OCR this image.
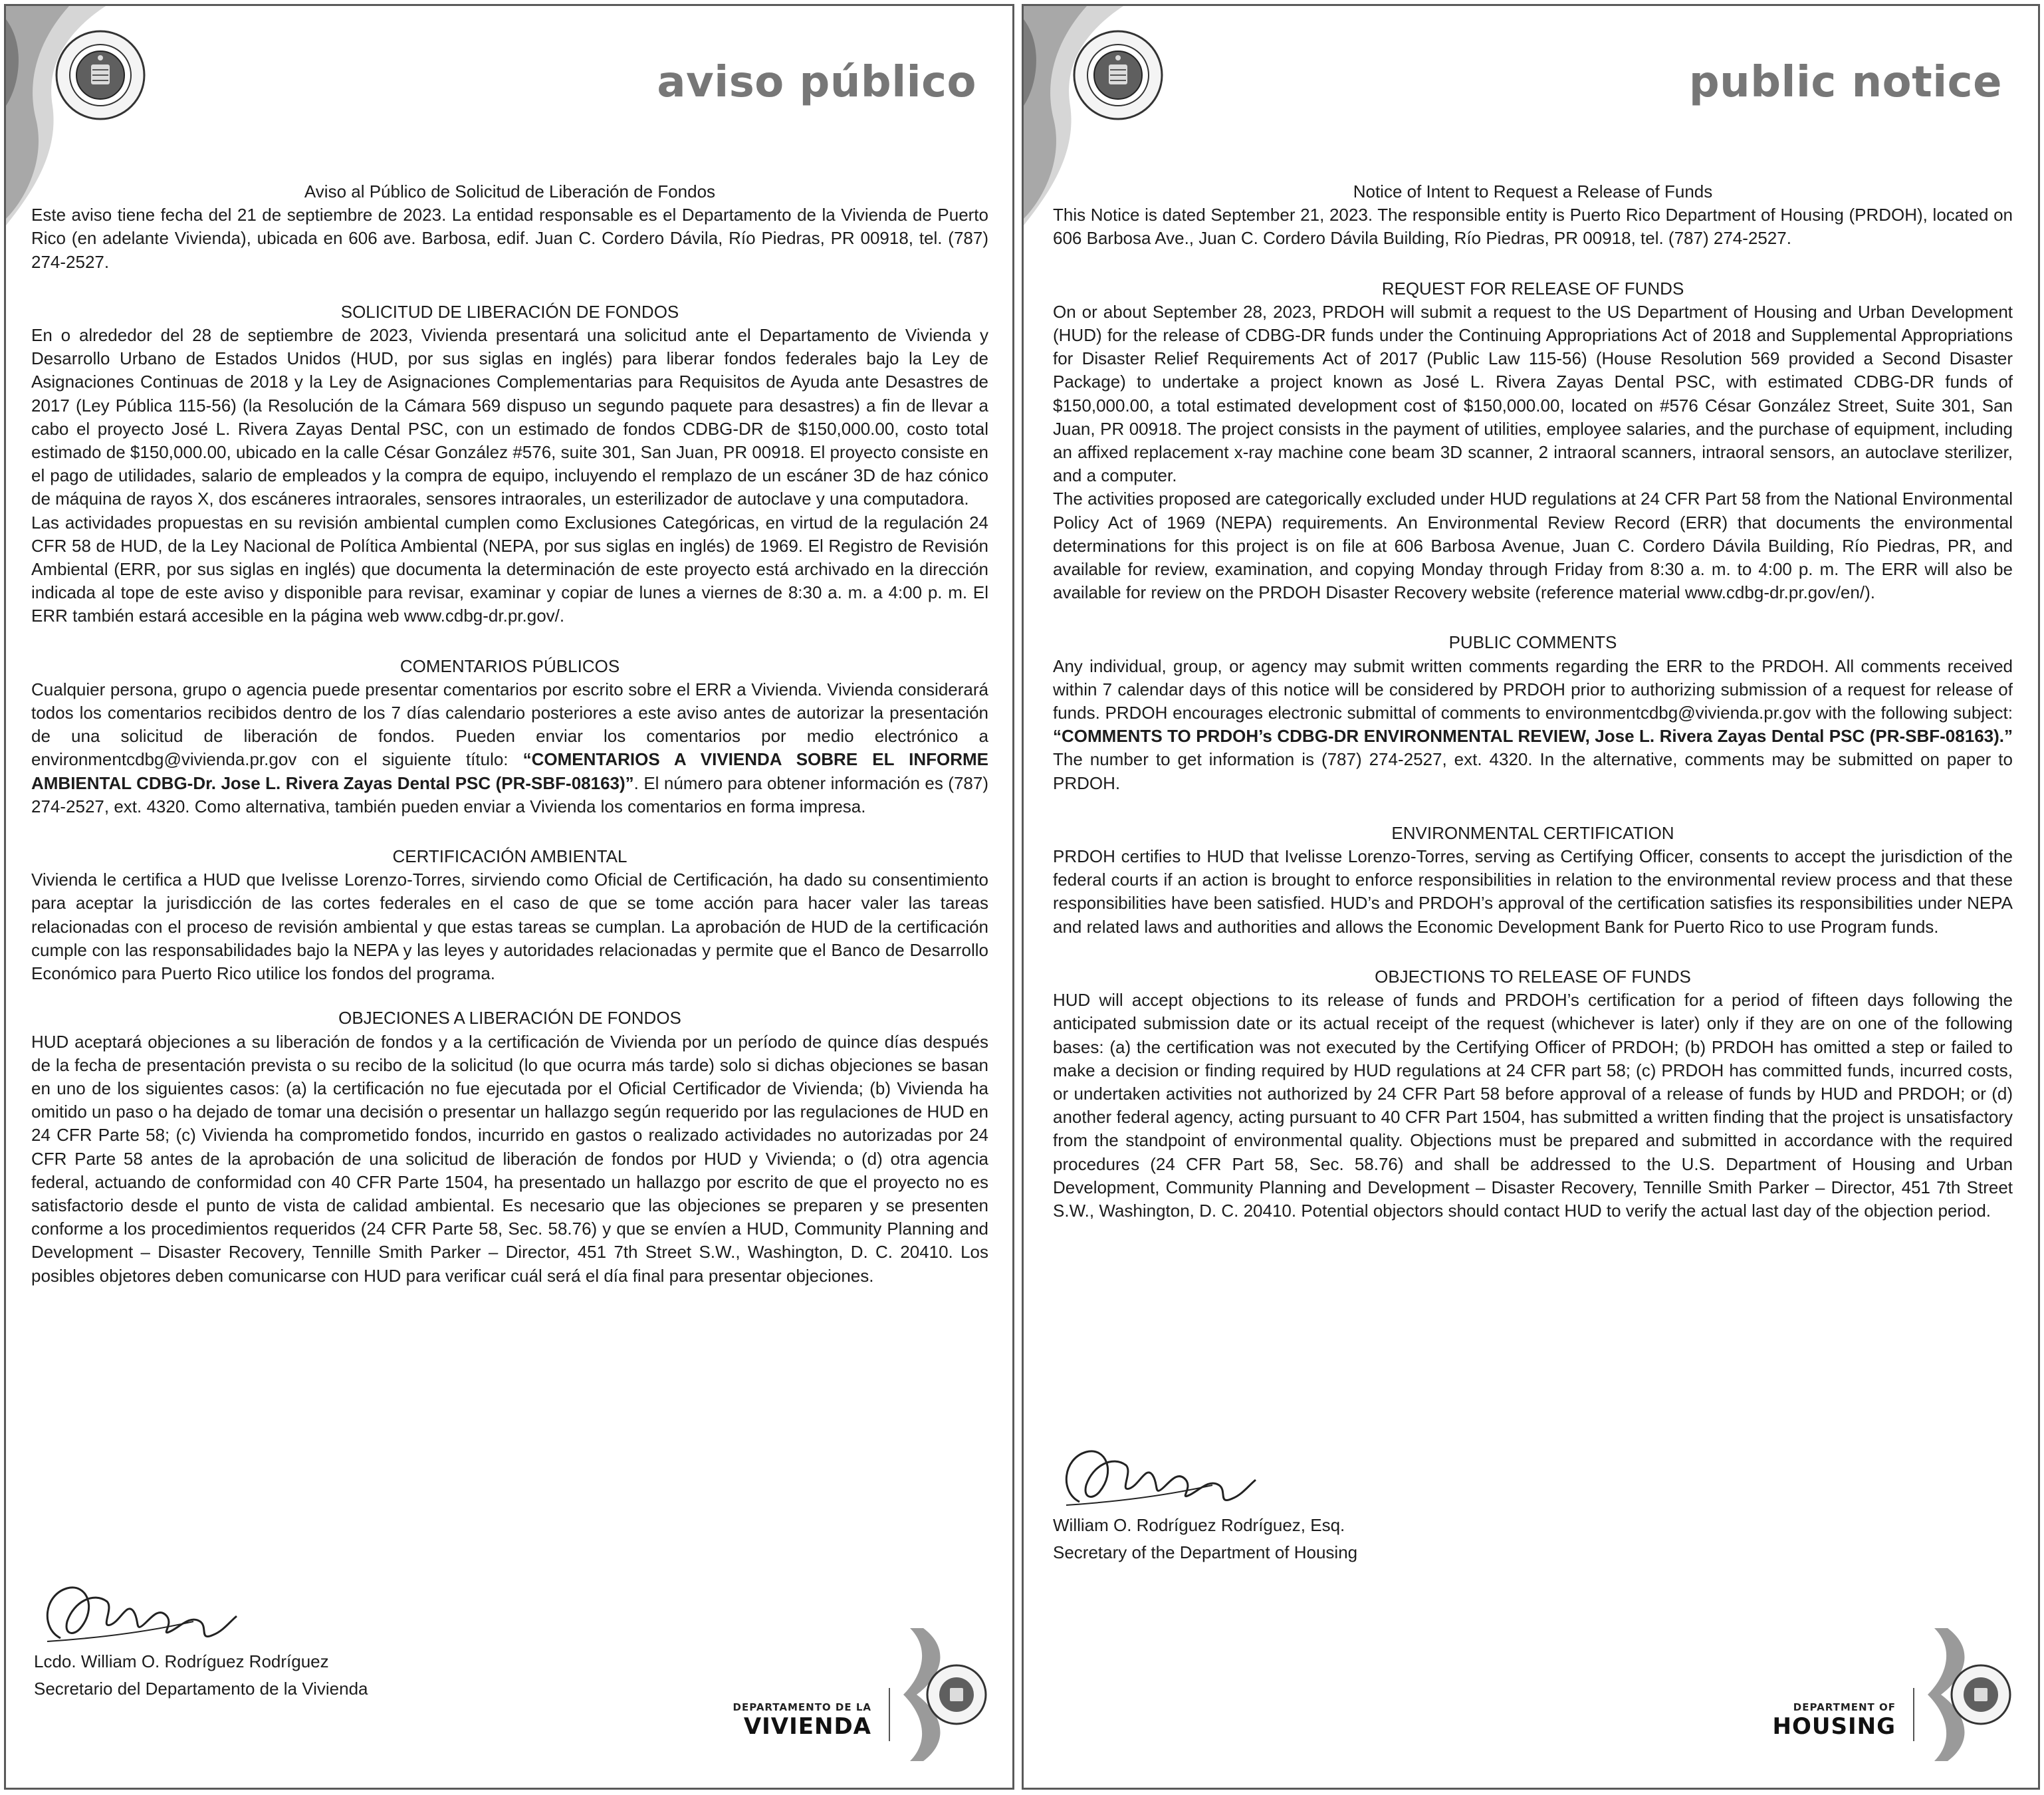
aviso público
Aviso al Público de Solicitud de Liberación de Fondos

Este aviso tiene fecha del 21 de septiembre de 2023. La entidad responsable es el Departamento de la Vivienda de Puerto Rico (en adelante Vivienda), ubicada en 606 ave. Barbosa, edif. Juan C. Cordero Dávila, Río Piedras, PR 00918, tel. (787) 274-2527.

SOLICITUD DE LIBERACIÓN DE FONDOS

En o alrededor del 28 de septiembre de 2023, Vivienda presentará una solicitud ante el Departamento de Vivienda y Desarrollo Urbano de Estados Unidos (HUD, por sus siglas en inglés) para liberar fondos federales bajo la Ley de Asignaciones Continuas de 2018 y la Ley de Asignaciones Complementarias para Requisitos de Ayuda ante Desastres de 2017 (Ley Pública 115-56) (la Resolución de la Cámara 569 dispuso un segundo paquete para desastres) a fin de llevar a cabo el proyecto José L. Rivera Zayas Dental PSC, con un estimado de fondos CDBG-DR de $150,000.00, costo total estimado de $150,000.00, ubicado en la calle César González #576, suite 301, San Juan, PR 00918. El proyecto consiste en el pago de utilidades, salario de empleados y la compra de equipo, incluyendo el remplazo de un escáner 3D de haz cónico de máquina de rayos X, dos escáneres intraorales, sensores intraorales, un esterilizador de autoclave y una computadora.

Las actividades propuestas en su revisión ambiental cumplen como Exclusiones Categóricas, en virtud de la regulación 24 CFR 58 de HUD, de la Ley Nacional de Política Ambiental (NEPA, por sus siglas en inglés) de 1969. El Registro de Revisión Ambiental (ERR, por sus siglas en inglés) que documenta la determinación de este proyecto está archivado en la dirección indicada al tope de este aviso y disponible para revisar, examinar y copiar de lunes a viernes de 8:30 a. m. a 4:00 p. m. El ERR también estará accesible en la página web www.cdbg-dr.pr.gov/.

COMENTARIOS PÚBLICOS

Cualquier persona, grupo o agencia puede presentar comentarios por escrito sobre el ERR a Vivienda. Vivienda considerará todos los comentarios recibidos dentro de los 7 días calendario posteriores a este aviso antes de autorizar la presentación de una solicitud de liberación de fondos. Pueden enviar los comentarios por medio electrónico a environmentcdbg@vivienda.pr.gov con el siguiente título: “COMENTARIOS A VIVIENDA SOBRE EL INFORME AMBIENTAL CDBG-Dr. Jose L. Rivera Zayas Dental PSC (PR-SBF-08163)”. El número para obtener información es (787) 274-2527, ext. 4320. Como alternativa, también pueden enviar a Vivienda los comentarios en forma impresa.

CERTIFICACIÓN AMBIENTAL

Vivienda le certifica a HUD que Ivelisse Lorenzo-Torres, sirviendo como Oficial de Certificación, ha dado su consentimiento para aceptar la jurisdicción de las cortes federales en el caso de que se tome acción para hacer valer las tareas relacionadas con el proceso de revisión ambiental y que estas tareas se cumplan. La aprobación de HUD de la certificación cumple con las responsabilidades bajo la NEPA y las leyes y autoridades relacionadas y permite que el Banco de Desarrollo Económico para Puerto Rico utilice los fondos del programa.

OBJECIONES A LIBERACIÓN DE FONDOS

HUD aceptará objeciones a su liberación de fondos y a la certificación de Vivienda por un período de quince días después de la fecha de presentación prevista o su recibo de la solicitud (lo que ocurra más tarde) solo si dichas objeciones se basan en uno de los siguientes casos: (a) la certificación no fue ejecutada por el Oficial Certificador de Vivienda; (b) Vivienda ha omitido un paso o ha dejado de tomar una decisión o presentar un hallazgo según requerido por las regulaciones de HUD en 24 CFR Parte 58; (c) Vivienda ha comprometido fondos, incurrido en gastos o realizado actividades no autorizadas por 24 CFR Parte 58 antes de la aprobación de una solicitud de liberación de fondos por HUD y Vivienda; o (d) otra agencia federal, actuando de conformidad con 40 CFR Parte 1504, ha presentado un hallazgo por escrito de que el proyecto no es satisfactorio desde el punto de vista de calidad ambiental. Es necesario que las objeciones se preparen y se presenten conforme a los procedimientos requeridos (24 CFR Parte 58, Sec. 58.76) y que se envíen a HUD, Community Planning and Development – Disaster Recovery, Tennille Smith Parker – Director, 451 7th Street S.W., Washington, D. C. 20410. Los posibles objetores deben comunicarse con HUD para verificar cuál será el día final para presentar objeciones.

Lcdo. William O. Rodríguez Rodríguez
Secretario del Departamento de la Vivienda
DEPARTAMENTO DE LA
VIVIENDA
public notice
Notice of Intent to Request a Release of Funds

This Notice is dated September 21, 2023. The responsible entity is Puerto Rico Department of Housing (PRDOH), located on 606 Barbosa Ave., Juan C. Cordero Dávila Building, Río Piedras, PR 00918, tel. (787) 274-2527.

REQUEST FOR RELEASE OF FUNDS

On or about September 28, 2023, PRDOH will submit a request to the US Department of Housing and Urban Development (HUD) for the release of CDBG-DR funds under the Continuing Appropriations Act of 2018 and Supplemental Appropriations for Disaster Relief Requirements Act of 2017 (Public Law 115-56) (House Resolution 569 provided a Second Disaster Package) to undertake a project known as José L. Rivera Zayas Dental PSC, with estimated CDBG-DR funds of $150,000.00, a total estimated development cost of $150,000.00, located on #576 César González Street, Suite 301, San Juan, PR 00918. The project consists in the payment of utilities, employee salaries, and the purchase of equipment, including an affixed replacement x-ray machine cone beam 3D scanner, 2 intraoral scanners, intraoral sensors, an autoclave sterilizer, and a computer.

The activities proposed are categorically excluded under HUD regulations at 24 CFR Part 58 from the National Environmental Policy Act of 1969 (NEPA) requirements. An Environmental Review Record (ERR) that documents the environmental determinations for this project is on file at 606 Barbosa Avenue, Juan C. Cordero Dávila Building, Río Piedras, PR, and available for review, examination, and copying Monday through Friday from 8:30 a. m. to 4:00 p. m. The ERR will also be available for review on the PRDOH Disaster Recovery website (reference material www.cdbg-dr.pr.gov/en/).

PUBLIC COMMENTS

Any individual, group, or agency may submit written comments regarding the ERR to the PRDOH. All comments received within 7 calendar days of this notice will be considered by PRDOH prior to authorizing submission of a request for release of funds. PRDOH encourages electronic submittal of comments to environmentcdbg@vivienda.pr.gov with the following subject: “COMMENTS TO PRDOH’s CDBG-DR ENVIRONMENTAL REVIEW, Jose L. Rivera Zayas Dental PSC (PR-SBF-08163).” The number to get information is (787) 274-2527, ext. 4320. In the alternative, comments may be submitted on paper to PRDOH.

ENVIRONMENTAL CERTIFICATION

PRDOH certifies to HUD that Ivelisse Lorenzo-Torres, serving as Certifying Officer, consents to accept the jurisdiction of the federal courts if an action is brought to enforce responsibilities in relation to the environmental review process and that these responsibilities have been satisfied. HUD’s and PRDOH’s approval of the certification satisfies its responsibilities under NEPA and related laws and authorities and allows the Economic Development Bank for Puerto Rico to use Program funds.

OBJECTIONS TO RELEASE OF FUNDS

HUD will accept objections to its release of funds and PRDOH’s certification for a period of fifteen days following the anticipated submission date or its actual receipt of the request (whichever is later) only if they are on one of the following bases: (a) the certification was not executed by the Certifying Officer of PRDOH; (b) PRDOH has omitted a step or failed to make a decision or finding required by HUD regulations at 24 CFR part 58; (c) PRDOH has committed funds, incurred costs, or undertaken activities not authorized by 24 CFR Part 58 before approval of a release of funds by HUD and PRDOH; or (d) another federal agency, acting pursuant to 40 CFR Part 1504, has submitted a written finding that the project is unsatisfactory from the standpoint of environmental quality. Objections must be prepared and submitted in accordance with the required procedures (24 CFR Part 58, Sec. 58.76) and shall be addressed to the U.S. Department of Housing and Urban Development, Community Planning and Development – Disaster Recovery, Tennille Smith Parker – Director, 451 7th Street S.W., Washington, D. C. 20410. Potential objectors should contact HUD to verify the actual last day of the objection period.

William O. Rodríguez Rodríguez, Esq.
Secretary of the Department of Housing
DEPARTMENT OF
HOUSING
